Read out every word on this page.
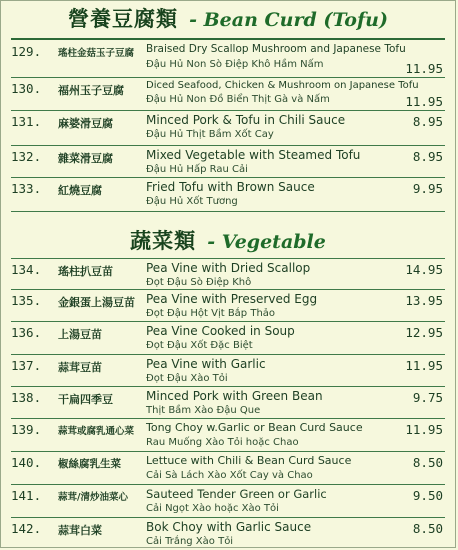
營養豆腐類 - Bean Curd (Tofu)
129. 瑤柱金菇玉子豆腐 Braised Dry Scallop Mushroom and Japanese Tofu
Đậu Hủ Non Sò Điệp Khô Hầm Nấm	11.95
130. 福州玉子豆腐 Diced Seafood, Chicken & Mushroom on Japanese Tofu
Đậu Hủ Non Đồ Biển Thịt Gà và Nấm	11.95
131. 麻婆滑豆腐	Minced Pork & Tofu in Chili Sauce
Đậu Hủ Thịt Bầm Xốt Cay
8.95
132. 雜菜滑豆腐	Mixed Vegetable with Steamed Tofu
Đậu Hủ Hấp Rau Cải
8.95
133. 紅燒豆腐	Fried Tofu with Brown Sauce
Đậu Hủ Xốt Tương
9.95
蔬菜類 - Vegetable
134. 瑤柱扒豆苗	Pea Vine with Dried Scallop
Đọt Đậu Sò Điệp Khô
14.95
135. 金銀蛋上湯豆苗 Pea Vine with Preserved Egg
Đọt Đậu Hột Vịt Bắp Thảo
13.95
136. 上湯豆苗	Pea Vine Cooked in Soup
Đọt Đậu Xốt Đặc Biệt
12.95
137. 蒜茸豆苗	Pea Vine with Garlic
Đọt Đậu Xào Tỏi
11.95
138. 干扁四季豆	Minced Pork with Green Bean
Thịt Bầm Xào Đậu Que
9.75
139. 蒜茸或腐乳通心菜 Tong Choy w.Garlic or Bean Curd Sauce
Rau Muống Xào Tỏi hoặc Chao
11.95
140. 椒絲腐乳生菜 Lettuce with Chili & Bean Curd Sauce
Cải Sà Lách Xào Xốt Cay và Chao
8.50
141. 蒜茸/清炒油菜心 Sauteed Tender Green or Garlic
Cải Ngọt Xào hoặc Xào Tỏi
9.50
142. 蒜茸白菜	Bok Choy with Garlic Sauce
Cải Trắng Xào Tỏi
8.50
